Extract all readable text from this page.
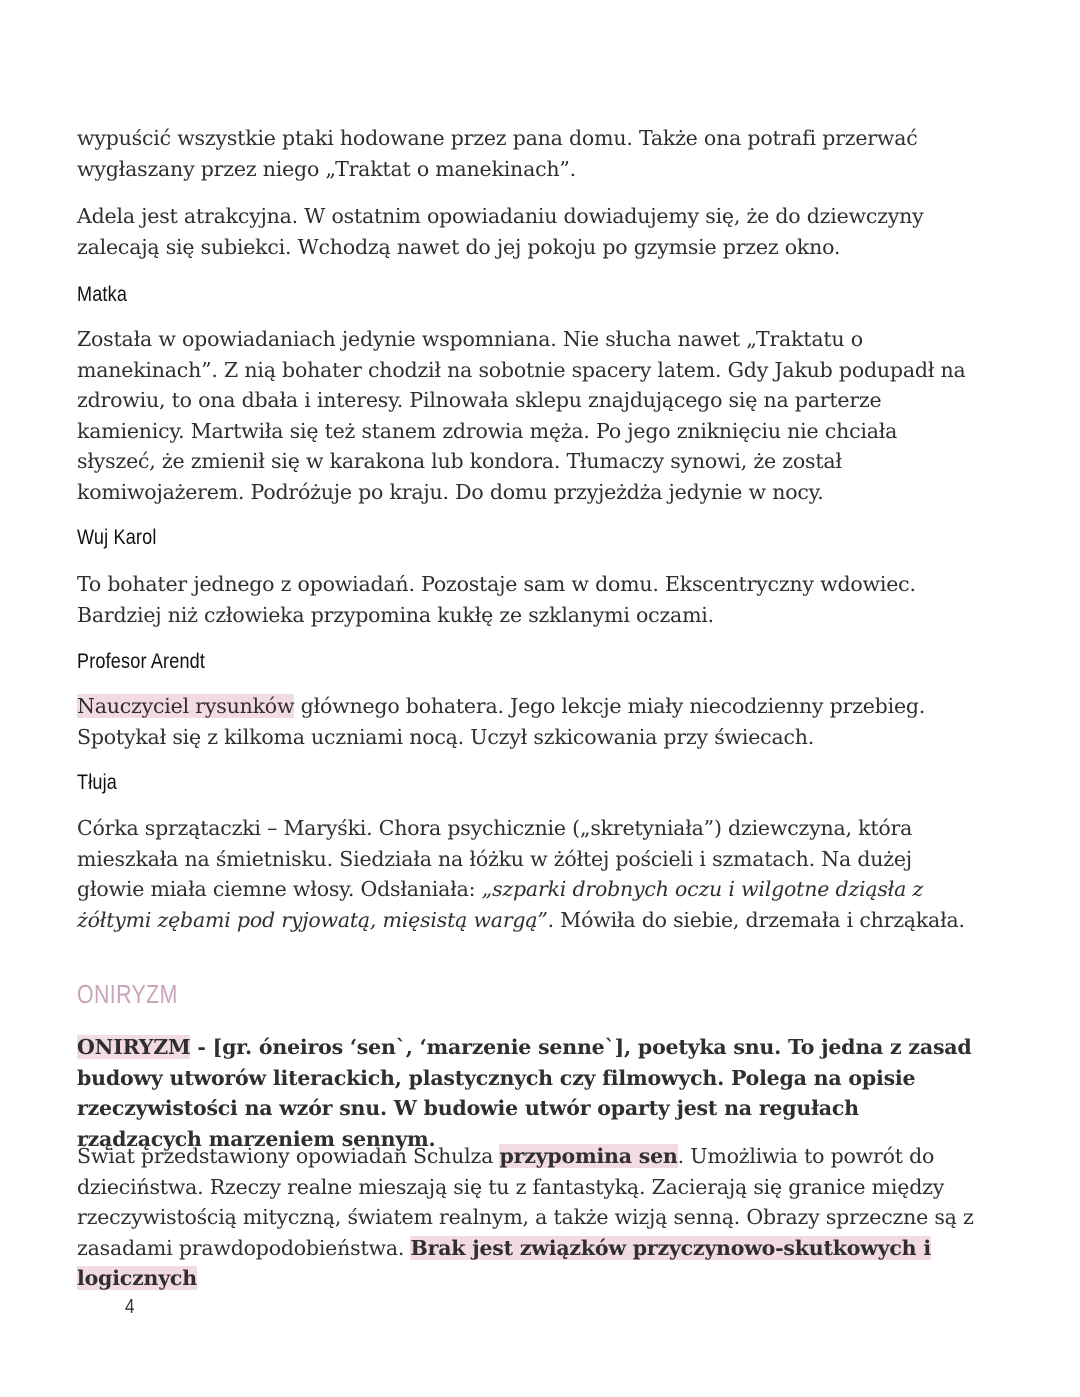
wypuścić wszystkie ptaki hodowane przez pana domu. Także ona potrafi przerwać wygłaszany przez niego „Traktat o manekinach”.

Adela jest atrakcyjna. W ostatnim opowiadaniu dowiadujemy się, że do dziewczyny zalecają się subiekci. Wchodzą nawet do jej pokoju po gzymsie przez okno.

Matka

Została w opowiadaniach jedynie wspomniana. Nie słucha nawet „Traktatu o manekinach”. Z nią bohater chodził na sobotnie spacery latem. Gdy Jakub podupadł na zdrowiu, to ona dbała i interesy. Pilnowała sklepu znajdującego się na parterze kamienicy. Martwiła się też stanem zdrowia męża. Po jego zniknięciu nie chciała słyszeć, że zmienił się w karakona lub kondora. Tłumaczy synowi, że został komiwojażerem. Podróżuje po kraju. Do domu przyjeżdża jedynie w nocy.

Wuj Karol

To bohater jednego z opowiadań. Pozostaje sam w domu. Ekscentryczny wdowiec. Bardziej niż człowieka przypomina kukłę ze szklanymi oczami.

Profesor Arendt

Nauczyciel rysunków głównego bohatera. Jego lekcje miały niecodzienny przebieg. Spotykał się z kilkoma uczniami nocą. Uczył szkicowania przy świecach.

Tłuja

Córka sprzątaczki – Maryśki. Chora psychicznie („skretyniała”) dziewczyna, która mieszkała na śmietnisku. Siedziała na łóżku w żółtej pościeli i szmatach. Na dużej głowie miała ciemne włosy. Odsłaniała: „szparki drobnych oczu i wilgotne dziąsła z żółtymi zębami pod ryjowatą, mięsistą wargą”. Mówiła do siebie, drzemała i chrząkała.

ONIRYZM

ONIRYZM - [gr. óneiros ‘sen`, ‘marzenie senne`], poetyka snu. To jedna z zasad budowy utworów literackich, plastycznych czy filmowych. Polega na opisie rzeczywistości na wzór snu. W budowie utwór oparty jest na regułach rządzących marzeniem sennym.

Świat przedstawiony opowiadań Schulza przypomina sen. Umożliwia to powrót do dzieciństwa. Rzeczy realne mieszają się tu z fantastyką. Zacierają się granice między rzeczywistością mityczną, światem realnym, a także wizją senną. Obrazy sprzeczne są z zasadami prawdopodobieństwa. Brak jest związków przyczynowo-skutkowych i logicznych

4
